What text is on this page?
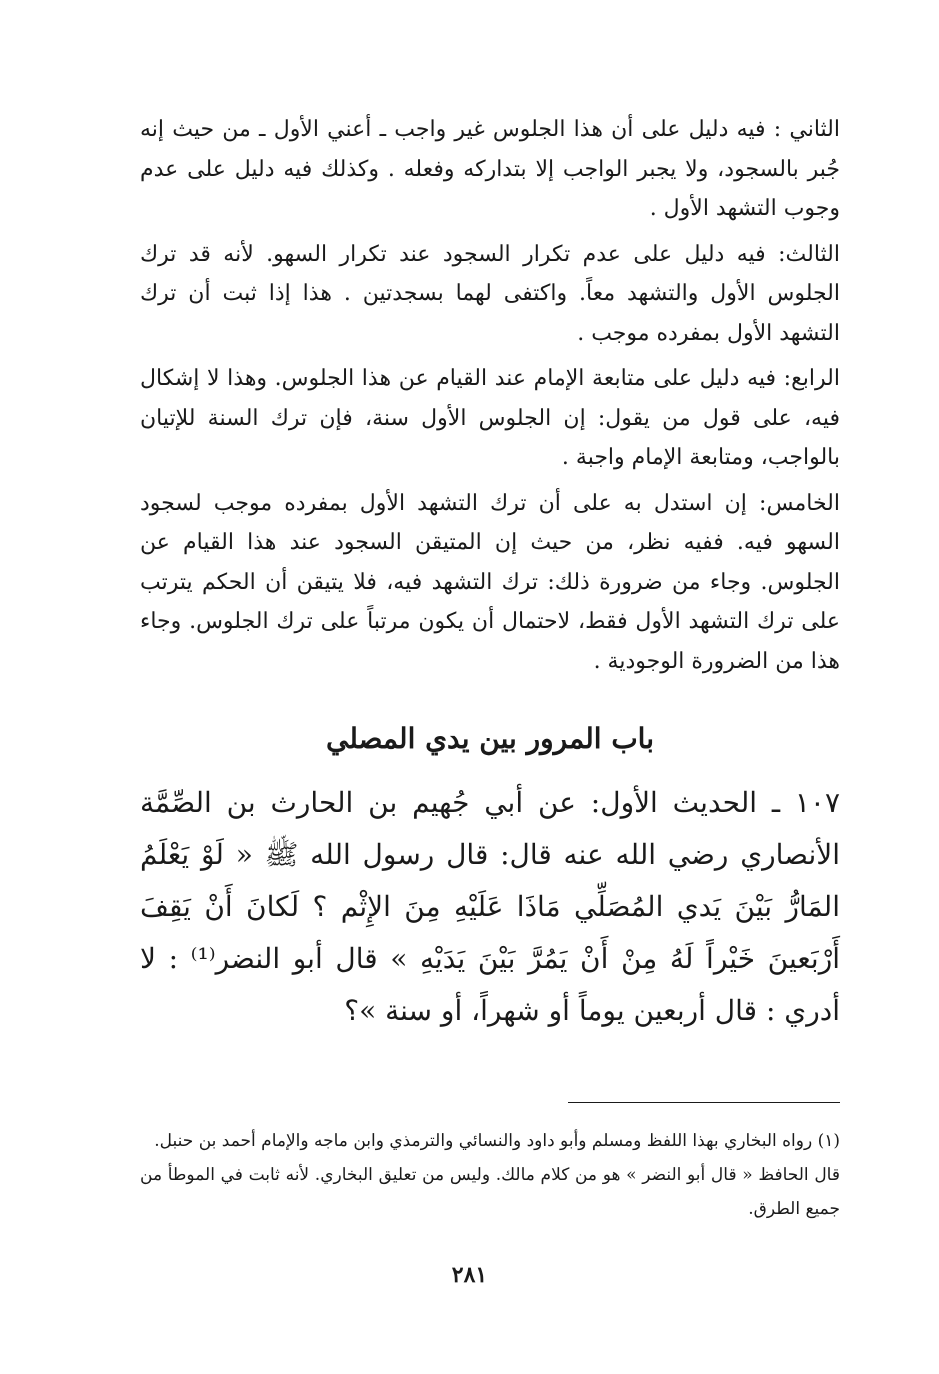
الثاني : فيه دليل على أن هذا الجلوس غير واجب ـ أعني الأول ـ من حيث إنه جُبر بالسجود، ولا يجبر الواجب إلا بتداركه وفعله . وكذلك فيه دليل على عدم وجوب التشهد الأول .

الثالث: فيه دليل على عدم تكرار السجود عند تكرار السهو. لأنه قد ترك الجلوس الأول والتشهد معاً. واكتفى لهما بسجدتين . هذا إذا ثبت أن ترك التشهد الأول بمفرده موجب .

الرابع: فيه دليل على متابعة الإمام عند القيام عن هذا الجلوس. وهذا لا إشكال فيه، على قول من يقول: إن الجلوس الأول سنة، فإن ترك السنة للإتيان بالواجب، ومتابعة الإمام واجبة .

الخامس: إن استدل به على أن ترك التشهد الأول بمفرده موجب لسجود السهو فيه. ففيه نظر، من حيث إن المتيقن السجود عند هذا القيام عن الجلوس. وجاء من ضرورة ذلك: ترك التشهد فيه، فلا يتيقن أن الحكم يترتب على ترك التشهد الأول فقط، لاحتمال أن يكون مرتباً على ترك الجلوس. وجاء هذا من الضرورة الوجودية .

باب المرور بين يدي المصلي

١٠٧ ـ الحديث الأول: عن أبي جُهيم بن الحارث بن الصِّمَّة الأنصاري رضي الله عنه قال: قال رسول الله ﷺ « لَوْ يَعْلَمُ المَارُّ بَيْنَ يَدي المُصَلِّي مَاذَا عَلَيْهِ مِنَ الإِثْم ؟ لَكانَ أَنْ يَقِفَ أَرْبَعينَ خَيْراً لَهُ مِنْ أَنْ يَمُرَّ بَيْنَ يَدَيْهِ » قال أبو النضر⁽¹⁾ : لا أدري : قال أربعين يوماً أو شهراً، أو سنة »؟

(١) رواه البخاري بهذا اللفظ ومسلم وأبو داود والنسائي والترمذي وابن ماجه والإمام أحمد بن حنبل.

قال الحافظ « قال أبو النضر » هو من كلام مالك. وليس من تعليق البخاري. لأنه ثابت في الموطأ من جميع الطرق.

٢٨١
